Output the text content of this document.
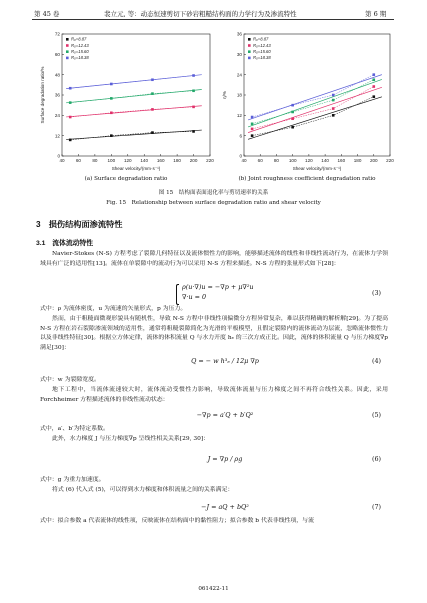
第 45 卷	裴立元, 等：动态恒速剪切下砂岩粗糙结构面的力学行为及渗流特性	第 6 期
40 60 80 100 120 140 160 180 200 220
0
12
24
36
48
60
72
Shear velocity/(mm·s⁻¹)
Surface degradation ratio/%
R₀=8.87
R₀=12.43
R₀=15.60
R₀=18.38
40 60 80 100 120 140 160 180 200 220
0
6
12
18
24
30
36
Shear velocity/(mm·s⁻¹)
η/%
R₀=8.87
R₀=12.43
R₀=15.60
R₀=18.38
(a) Surface degradation ratio	(b) Joint roughness coefficient degradation ratio
图 15　结构面表面退化率与剪切速率的关系
Fig. 15　Relationship between surface degradation ratio and shear velocity
3　损伤结构面渗流特性
3.1　流体流动特性

Navier-Stokes (N-S) 方程考虑了裂隙几何特征以及流体惯性力的影响，能够描述流体的线性和非线性流动行为，在流体力学领域具有广泛的适用性[13]。流体在单裂隙中的流动行为可以采用 N-S 方程来描述。N-S 方程的张量形式如下[28]：

ρ(u·∇)u = −∇p + μ∇²u
∇·u = 0	(3)

式中：ρ 为流体密度，u 为流速的矢量形式，p 为压力。

然而，由于粗糙面微观形貌具有随机性，导致 N-S 方程中非线性项偏微分方程异常复杂，难以获得精确的解析解[29]。为了提高 N-S 方程在岩石裂隙渗流领域的适用性，通常将粗糙裂隙简化为光滑的平板模型，且假定裂隙内的流体流动为层流，忽略流体惯性力以及非线性特征[30]。根据立方体定律，流体的体积流量 Q 与水力开度 hₑ 的三次方成正比。因此，流体的体积流量 Q 与压力梯度∇p 满足[30]：

Q = − w h³ₑ / 12μ ∇p	(4)

式中：w 为裂隙宽度。

地下工程中，当流体流速较大时，流体流动受惯性力影响，导致流体流量与压力梯度之间不再符合线性关系。因此，采用 Forchheimer 方程描述流体的非线性流动状态：

−∇p = a′Q + b′Q²	(5)

式中，a′、b′为特定系数。

此外，水力梯度 J 与压力梯度∇p 呈线性相关关系[29, 30]：

J = ∇p / ρg	(6)

式中：g 为重力加速度。

将式 (6) 代入式 (5)，可以得到水力梯度和体积流量之间的关系满足：

−J = aQ + bQ²	(7)

式中：拟合参数 a 代表流体的线性项，反映流体在结构面中的黏性阻力；拟合参数 b 代表非线性项，与流

061422-11
